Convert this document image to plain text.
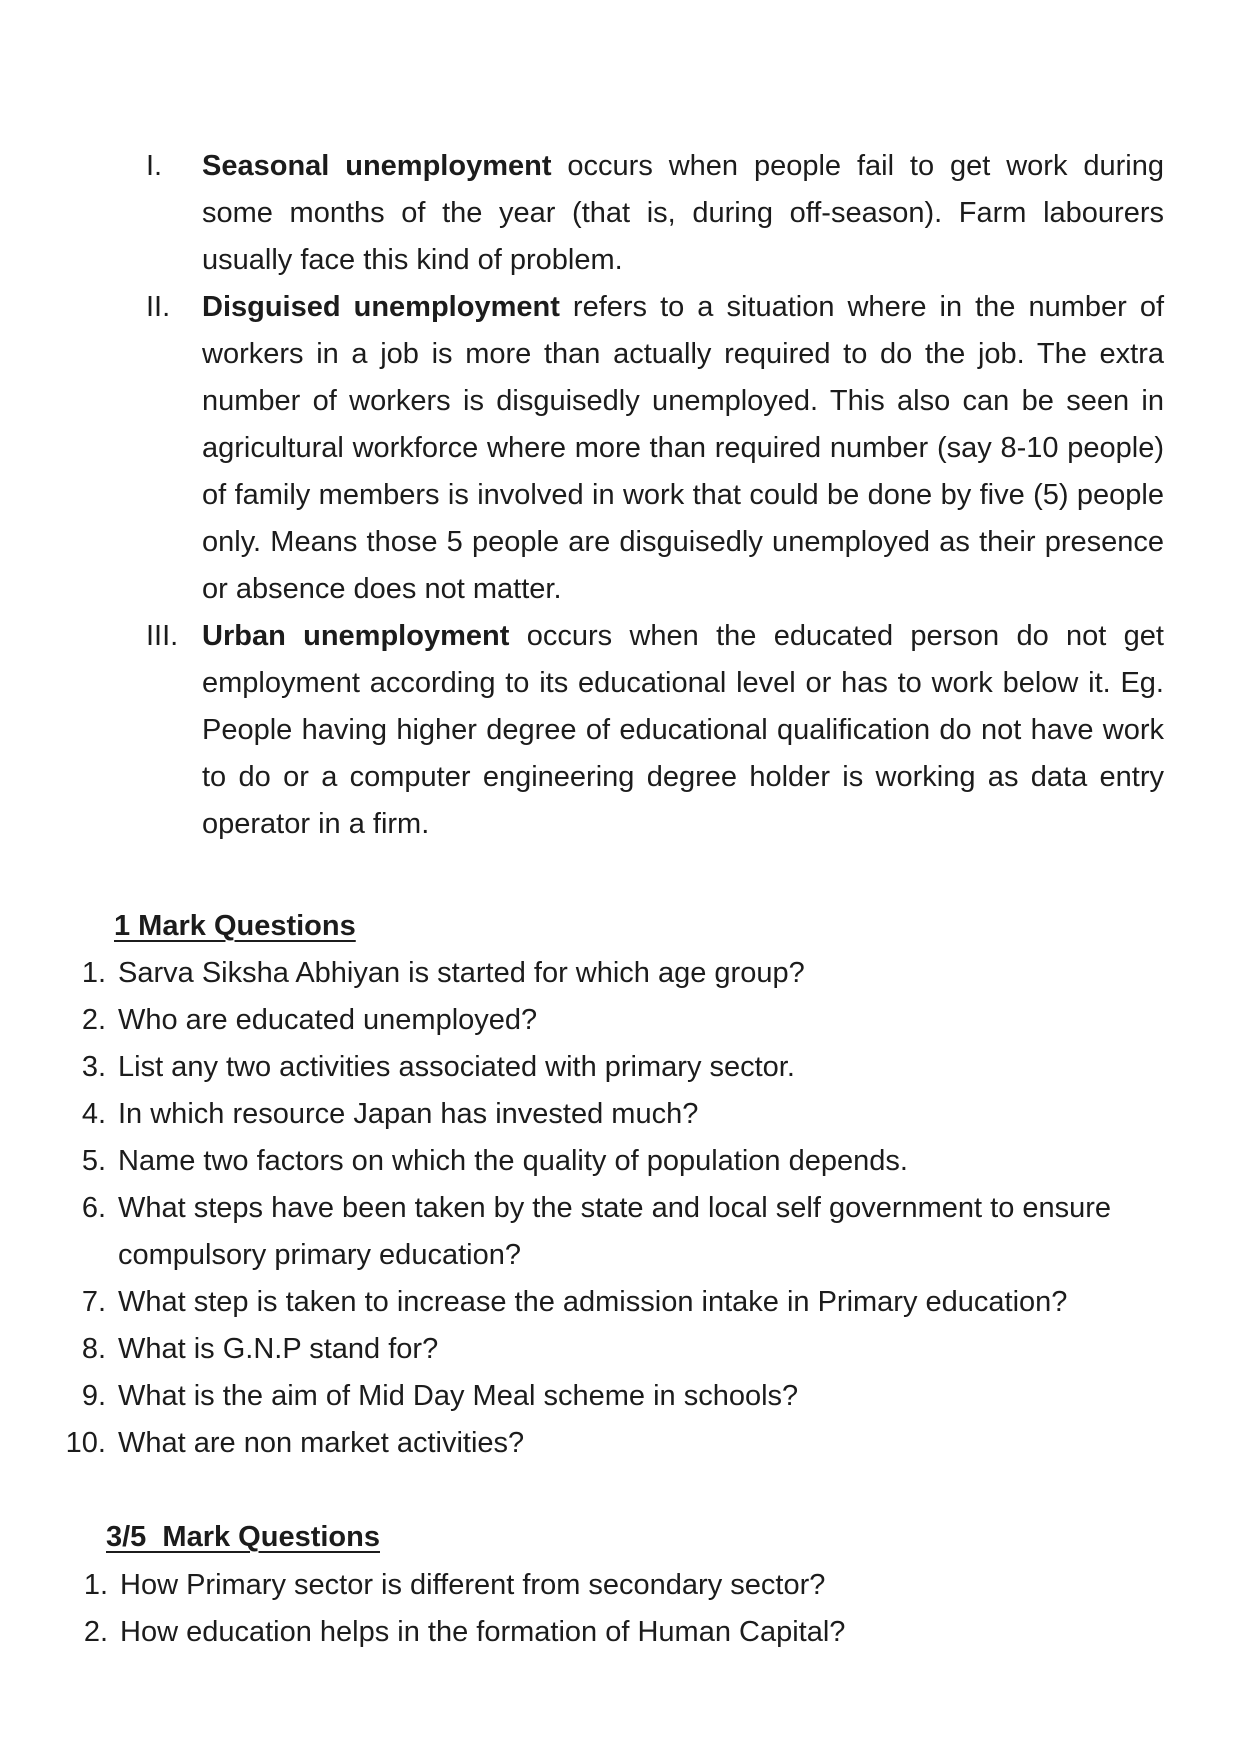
I.	Seasonal unemployment occurs when people fail to get work during some months of the year (that is, during off-season). Farm labourers usually face this kind of problem.
II.	Disguised unemployment refers to a situation where in the number of workers in a job is more than actually required to do the job. The extra number of workers is disguisedly unemployed. This also can be seen in agricultural workforce where more than required number (say 8-10 people) of family members is involved in work that could be done by five (5) people only. Means those 5 people are disguisedly unemployed as their presence or absence does not matter.
III. Urban unemployment occurs when the educated person do not get employment according to its educational level or has to work below it. Eg. People having higher degree of educational qualification do not have work to do or a computer engineering degree holder is working as data entry operator in a firm.
1 Mark Questions
1. Sarva Siksha Abhiyan is started for which age group?
2. Who are educated unemployed?
3. List any two activities associated with primary sector.
4. In which resource Japan has invested much?
5. Name two factors on which the quality of population depends.
6. What steps have been taken by the state and local self government to ensure compulsory primary education?
7. What step is taken to increase the admission intake in Primary education?
8. What is G.N.P stand for?
9. What is the aim of Mid Day Meal scheme in schools?
10. What are non market activities?
3/5  Mark Questions
1. How Primary sector is different from secondary sector?
2. How education helps in the formation of Human Capital?
